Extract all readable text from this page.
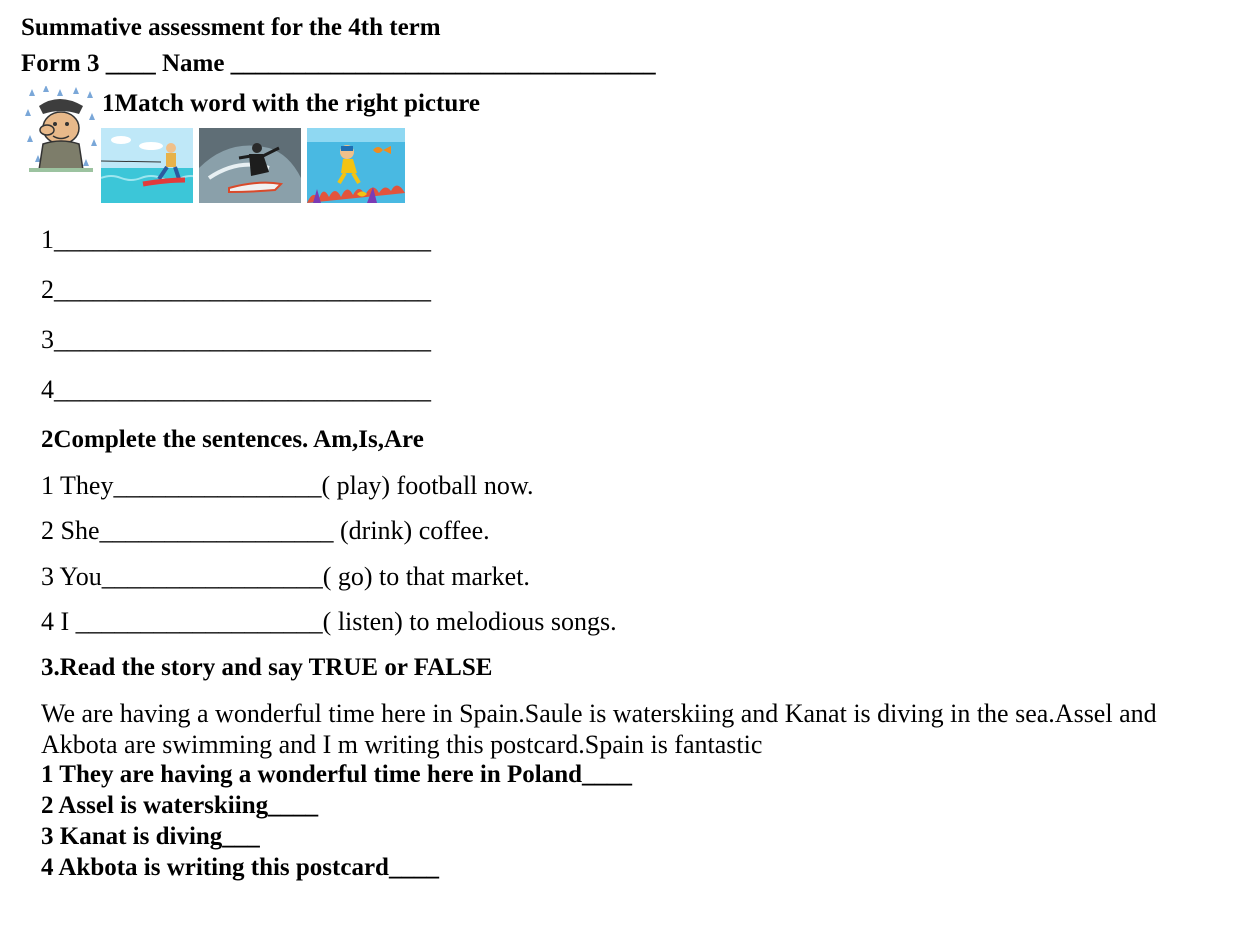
Summative assessment for the 4th term
Form 3 ____ Name __________________________________
1Match word with the right picture
1_____________________________
2_____________________________
3_____________________________
4_____________________________
2Complete the sentences. Am,Is,Are
1 They________________( play) football now.
2 She__________________ (drink) coffee.
3 You_________________( go) to that market.
4 I ___________________( listen) to melodious songs.
3.Read the story and say TRUE or FALSE
We are having a wonderful time here in Spain.Saule is waterskiing and Kanat is diving in the sea.Assel and Akbota are swimming and I m writing this postcard.Spain is fantastic
1 They are having a wonderful time here in Poland____
2 Assel is waterskiing____
3 Kanat is diving___
4 Akbota is writing this postcard____
